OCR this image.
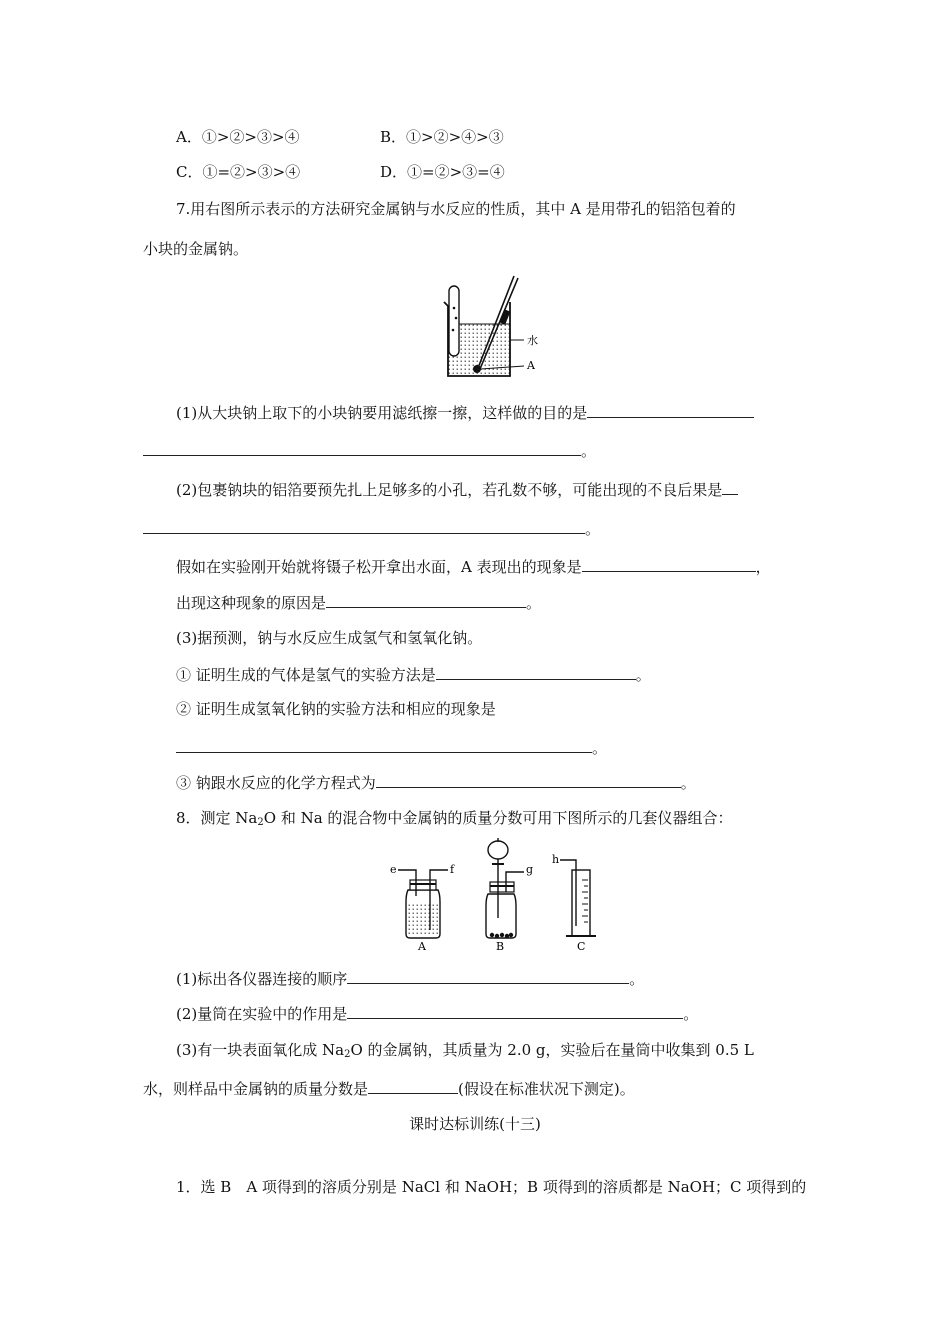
A．①>②>③>④	B．①>②>④>③
C．①=②>③>④	D．①=②>③=④
7.用右图所示表示的方法研究金属钠与水反应的性质，其中 A 是用带孔的铝箔包着的
小块的金属钠。
水
A
(1)从大块钠上取下的小块钠要用滤纸擦一擦，这样做的目的是
。
(2)包裹钠块的铝箔要预先扎上足够多的小孔，若孔数不够，可能出现的不良后果是
。
假如在实验刚开始就将镊子松开拿出水面，A 表现出的现象是	，
出现这种现象的原因是	。
(3)据预测，钠与水反应生成氢气和氢氧化钠。
① 证明生成的气体是氢气的实验方法是	。
② 证明生成氢氧化钠的实验方法和相应的现象是
。
③ 钠跟水反应的化学方程式为	。
8．测定 $Na_2O$ 和 Na 的混合物中金属钠的质量分数可用下图所示的几套仪器组合：
e	f
A
g
B
h
C
(1)标出各仪器连接的顺序	。
(2)量筒在实验中的作用是	。
(3)有一块表面氧化成 $Na_2O$ 的金属钠，其质量为 2.0 g，实验后在量筒中收集到 0.5 L
水，则样品中金属钠的质量分数是	(假设在标准状况下测定)。
课时达标训练(十三)
1．选 B　A 项得到的溶质分别是 NaCl 和 NaOH；B 项得到的溶质都是 NaOH；C 项得到的
